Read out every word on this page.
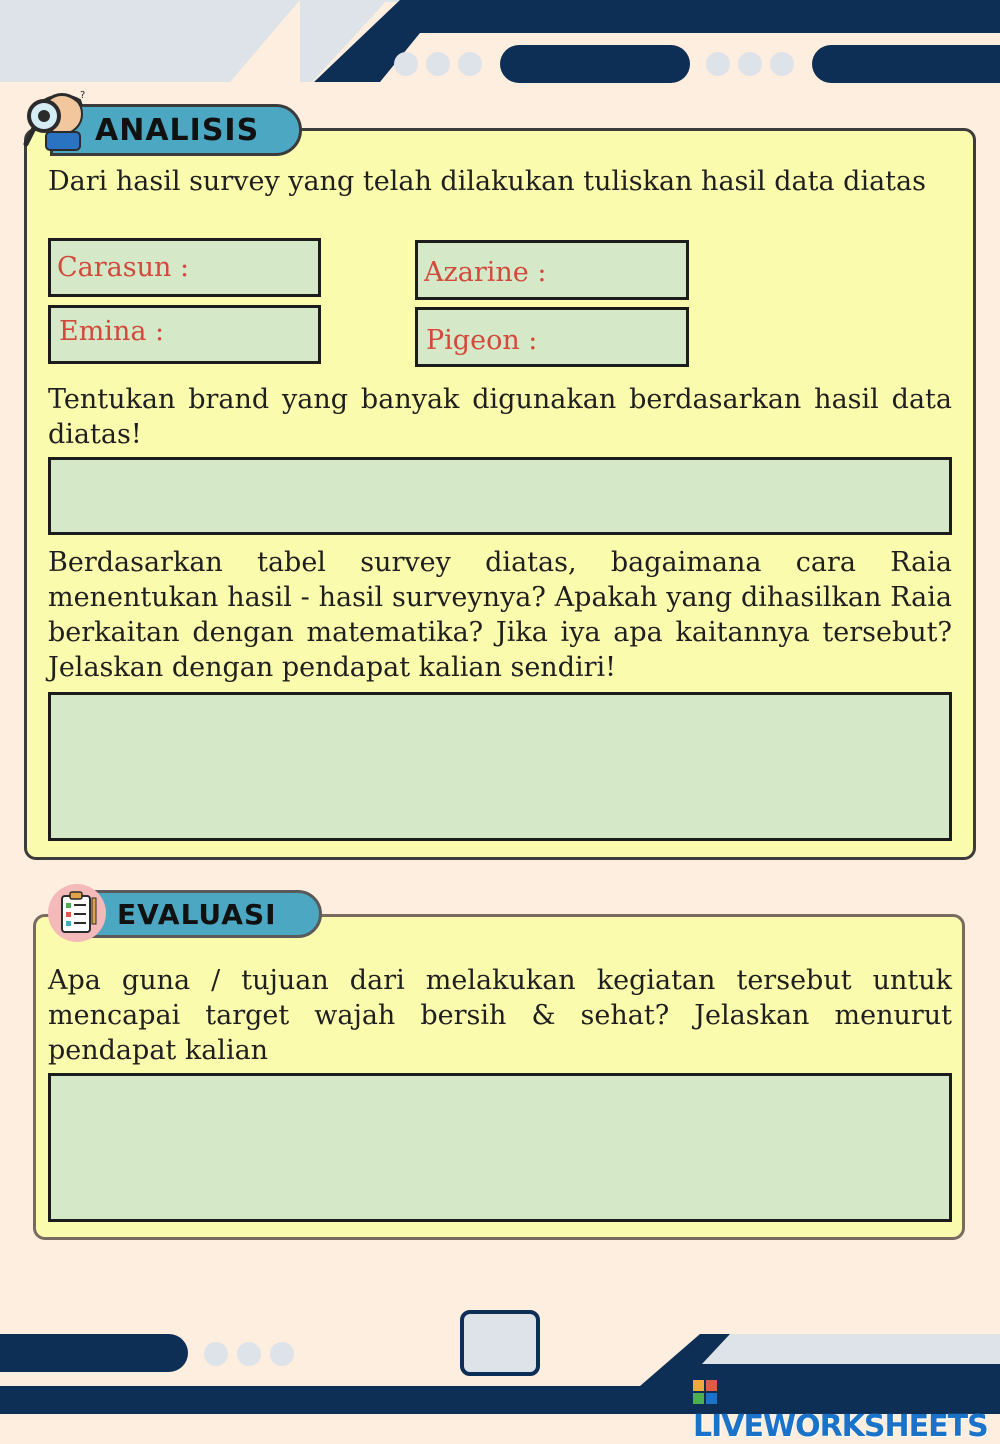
ANALISIS
?

Dari hasil survey yang telah dilakukan tuliskan hasil data diatas

Carasun :	Azarine :
Emina :	Pigeon :

Tentukan brand yang banyak digunakan berdasarkan hasil data diatas!

Berdasarkan tabel survey diatas, bagaimana cara Raia menentukan hasil - hasil surveynya? Apakah yang dihasilkan Raia berkaitan dengan matematika? Jika iya apa kaitannya tersebut? Jelaskan dengan pendapat kalian sendiri!

EVALUASI

Apa guna / tujuan dari melakukan kegiatan tersebut untuk mencapai target wajah bersih & sehat? Jelaskan menurut pendapat kalian

LIVEWORKSHEETS
